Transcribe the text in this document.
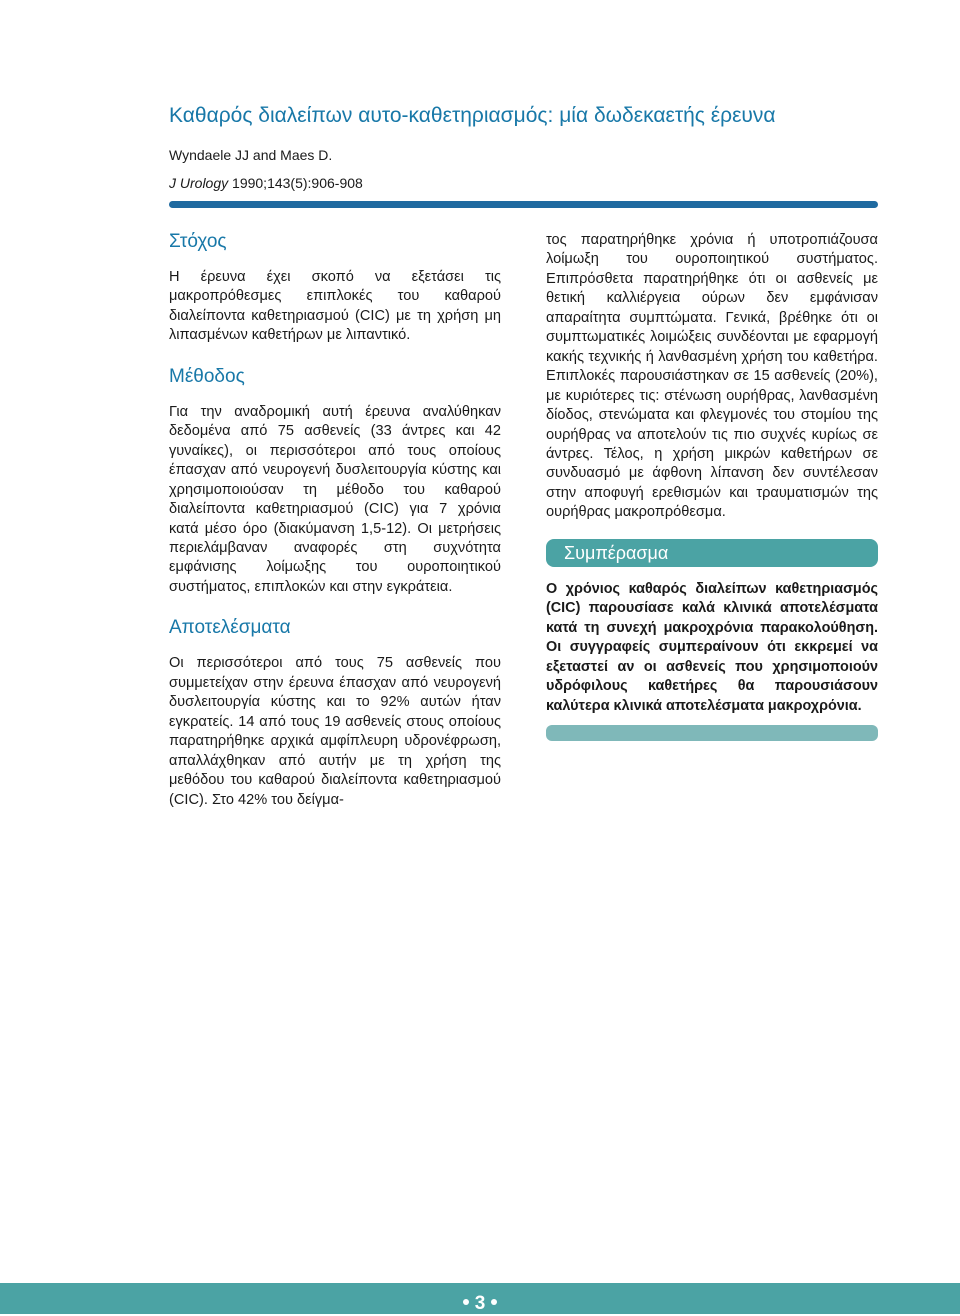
Καθαρός διαλείπων αυτο-καθετηριασμός: μία δωδεκαετής έρευνα

Wyndaele JJ and Maes D.

J Urology 1990;143(5):906-908

Στόχος

Η έρευνα έχει σκοπό να εξετάσει τις μακροπρόθεσμες επιπλοκές του καθαρού διαλείποντα καθετηριασμού (CIC) με τη χρήση μη λιπασμένων καθετήρων με λιπαντικό.

Μέθοδος

Για την αναδρομική αυτή έρευνα αναλύθηκαν δεδομένα από 75 ασθενείς (33 άντρες και 42 γυναίκες), οι περισσότεροι από τους οποίους έπασχαν από νευρογενή δυσλειτουργία κύστης και χρησιμοποιούσαν τη μέθοδο του καθαρού διαλείποντα καθετηριασμού (CIC) για 7 χρόνια κατά μέσο όρο (διακύμανση 1,5-12). Οι μετρήσεις περιελάμβαναν αναφορές στη συχνότητα εμφάνισης λοίμωξης του ουροποιητικού συστήματος, επιπλοκών και στην εγκράτεια.

Αποτελέσματα

Οι περισσότεροι από τους 75 ασθενείς που συμμετείχαν στην έρευνα έπασχαν από νευρογενή δυσλειτουργία κύστης και το 92% αυτών ήταν εγκρατείς. 14 από τους 19 ασθενείς στους οποίους παρατηρήθηκε αρχικά αμφίπλευρη υδρονέφρωση, απαλλάχθηκαν από αυτήν με τη χρήση της μεθόδου του καθαρού διαλείποντα καθετηριασμού (CIC). Στο 42% του δείγμα-

τος παρατηρήθηκε χρόνια ή υποτροπιάζουσα λοίμωξη του ουροποιητικού συστήματος. Επιπρόσθετα παρατηρήθηκε ότι οι ασθενείς με θετική καλλιέργεια ούρων δεν εμφάνισαν απαραίτητα συμπτώματα. Γενικά, βρέθηκε ότι οι συμπτωματικές λοιμώξεις συνδέονται με εφαρμογή κακής τεχνικής ή λανθασμένη χρήση του καθετήρα. Επιπλοκές παρουσιάστηκαν σε 15 ασθενείς (20%), με κυριότερες τις: στένωση ουρήθρας, λανθασμένη δίοδος, στενώματα και φλεγμονές του στομίου της ουρήθρας να αποτελούν τις πιο συχνές κυρίως σε άντρες. Τέλος, η χρήση μικρών καθετήρων σε συνδυασμό με άφθονη λίπανση δεν συντέλεσαν στην αποφυγή ερεθισμών και τραυματισμών της ουρήθρας μακροπρόθεσμα.

Συμπέρασμα

Ο χρόνιος καθαρός διαλείπων καθετηριασμός (CIC) παρουσίασε καλά κλινικά αποτελέσματα κατά τη συνεχή μακροχρόνια παρακολούθηση. Οι συγγραφείς συμπεραίνουν ότι εκκρεμεί να εξεταστεί αν οι ασθενείς που χρησιμοποιούν υδρόφιλους καθετήρες θα παρουσιάσουν καλύτερα κλινικά αποτελέσματα μακροχρόνια.

3
